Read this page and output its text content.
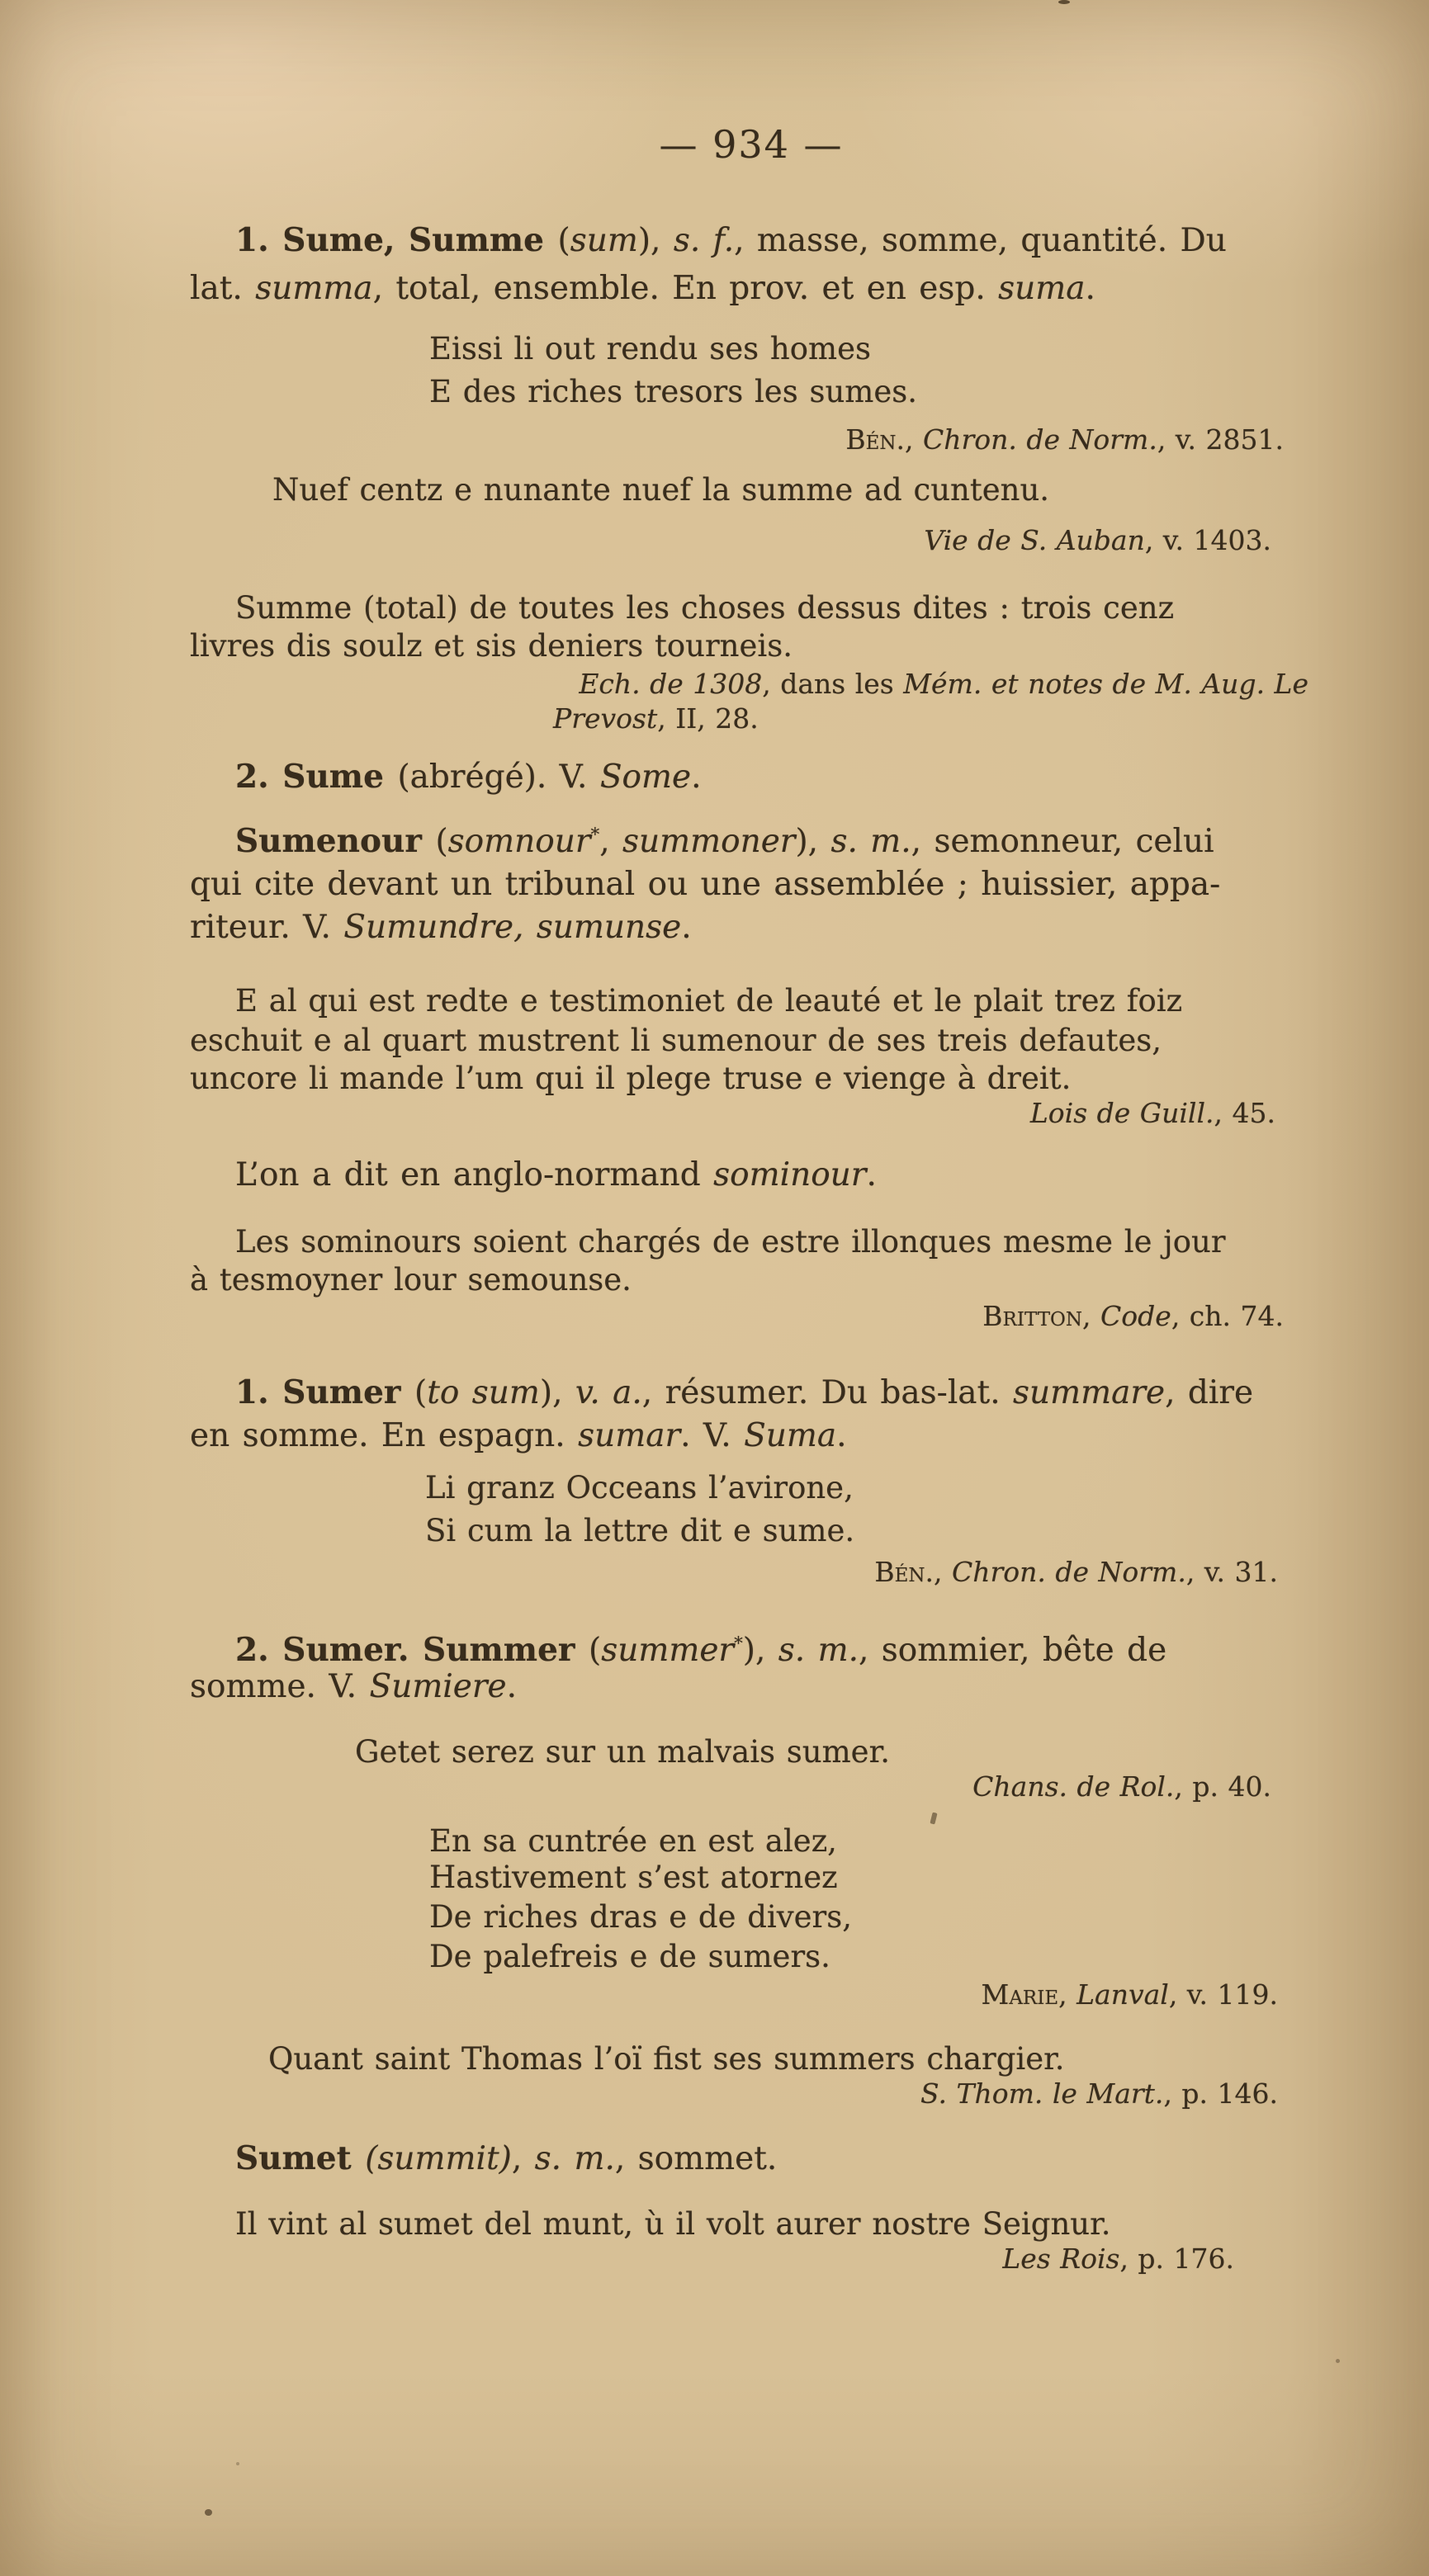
— 934 —
1. Sume, Summe (sum), s. f., masse, somme, quantité. Du
lat. summa, total, ensemble. En prov. et en esp. suma.
Eissi li out rendu ses homes
E des riches tresors les sumes.
Bén., Chron. de Norm., v. 2851.
Nuef centz e nunante nuef la summe ad cuntenu.
Vie de S. Auban, v. 1403.
Summe (total) de toutes les choses dessus dites : trois cenz
livres dis soulz et sis deniers tourneis.
Ech. de 1308, dans les Mém. et notes de M. Aug. Le
Prevost, II, 28.
2. Sume (abrégé). V. Some.
Sumenour (somnour*, summoner), s. m., semonneur, celui
qui cite devant un tribunal ou une assemblée ; huissier, appa-
riteur. V. Sumundre, sumunse.
E al qui est redte e testimoniet de leauté et le plait trez foiz
eschuit e al quart mustrent li sumenour de ses treis defautes,
uncore li mande l’um qui il plege truse e vienge à dreit.
Lois de Guill., 45.
L’on a dit en anglo-normand sominour.
Les sominours soient chargés de estre illonques mesme le jour
à tesmoyner lour semounse.
Britton, Code, ch. 74.
1. Sumer (to sum), v. a., résumer. Du bas-lat. summare, dire
en somme. En espagn. sumar. V. Suma.
Li granz Occeans l’avirone,
Si cum la lettre dit e sume.
Bén., Chron. de Norm., v. 31.
2. Sumer. Summer (summer*), s. m., sommier, bête de
somme. V. Sumiere.
Getet serez sur un malvais sumer.
Chans. de Rol., p. 40.
En sa cuntrée en est alez,
Hastivement s’est atornez
De riches dras e de divers,
De palefreis e de sumers.
Marie, Lanval, v. 119.
Quant saint Thomas l’oï fist ses summers chargier.
S. Thom. le Mart., p. 146.
Sumet (summit), s. m., sommet.
Il vint al sumet del munt, ù il volt aurer nostre Seignur.
Les Rois, p. 176.
